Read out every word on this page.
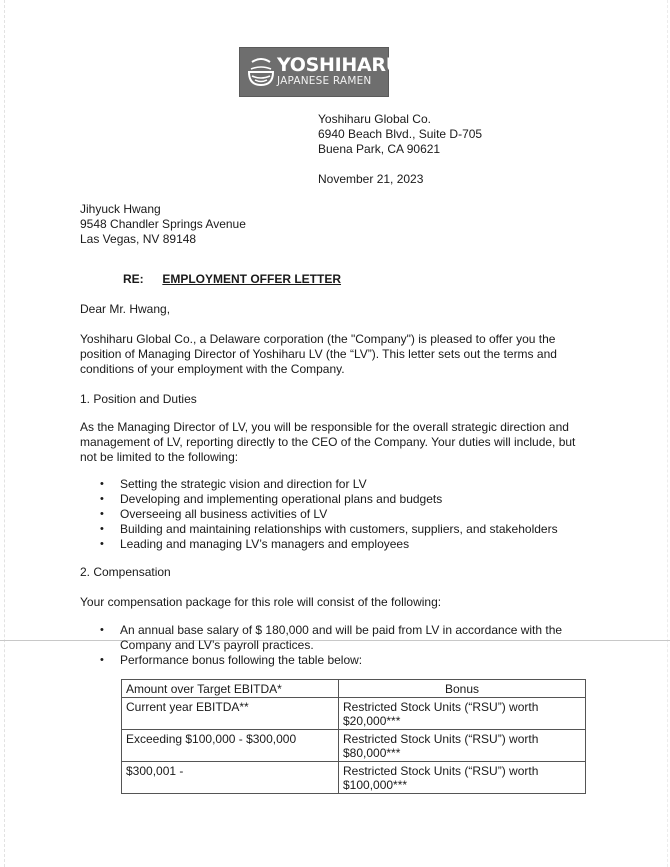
YOSHIHARU
JAPANESE RAMEN
Yoshiharu Global Co.
6940 Beach Blvd., Suite D-705
Buena Park, CA 90621
November 21, 2023
Jihyuck Hwang
9548 Chandler Springs Avenue
Las Vegas, NV 89148
RE: EMPLOYMENT OFFER LETTER
Dear Mr. Hwang,
Yoshiharu Global Co., a Delaware corporation (the "Company") is pleased to offer you the
position of Managing Director of Yoshiharu LV (the “LV”). This letter sets out the terms and
conditions of your employment with the Company.
1. Position and Duties
As the Managing Director of LV, you will be responsible for the overall strategic direction and
management of LV, reporting directly to the CEO of the Company. Your duties will include, but
not be limited to the following:
•	Setting the strategic vision and direction for LV
•	Developing and implementing operational plans and budgets
•	Overseeing all business activities of LV
•	Building and maintaining relationships with customers, suppliers, and stakeholders
•	Leading and managing LV’s managers and employees
2. Compensation
Your compensation package for this role will consist of the following:
•	An annual base salary of $ 180,000 and will be paid from LV in accordance with the
Company and LV’s payroll practices.
•	Performance bonus following the table below:
Amount over Target EBITDA*	Bonus
Current year EBITDA**	Restricted Stock Units (“RSU”) worth
$20,000***

Exceeding $100,000 - $300,000	Restricted Stock Units (“RSU”) worth
$80,000***

$300,001 -	Restricted Stock Units (“RSU”) worth
$100,000***
